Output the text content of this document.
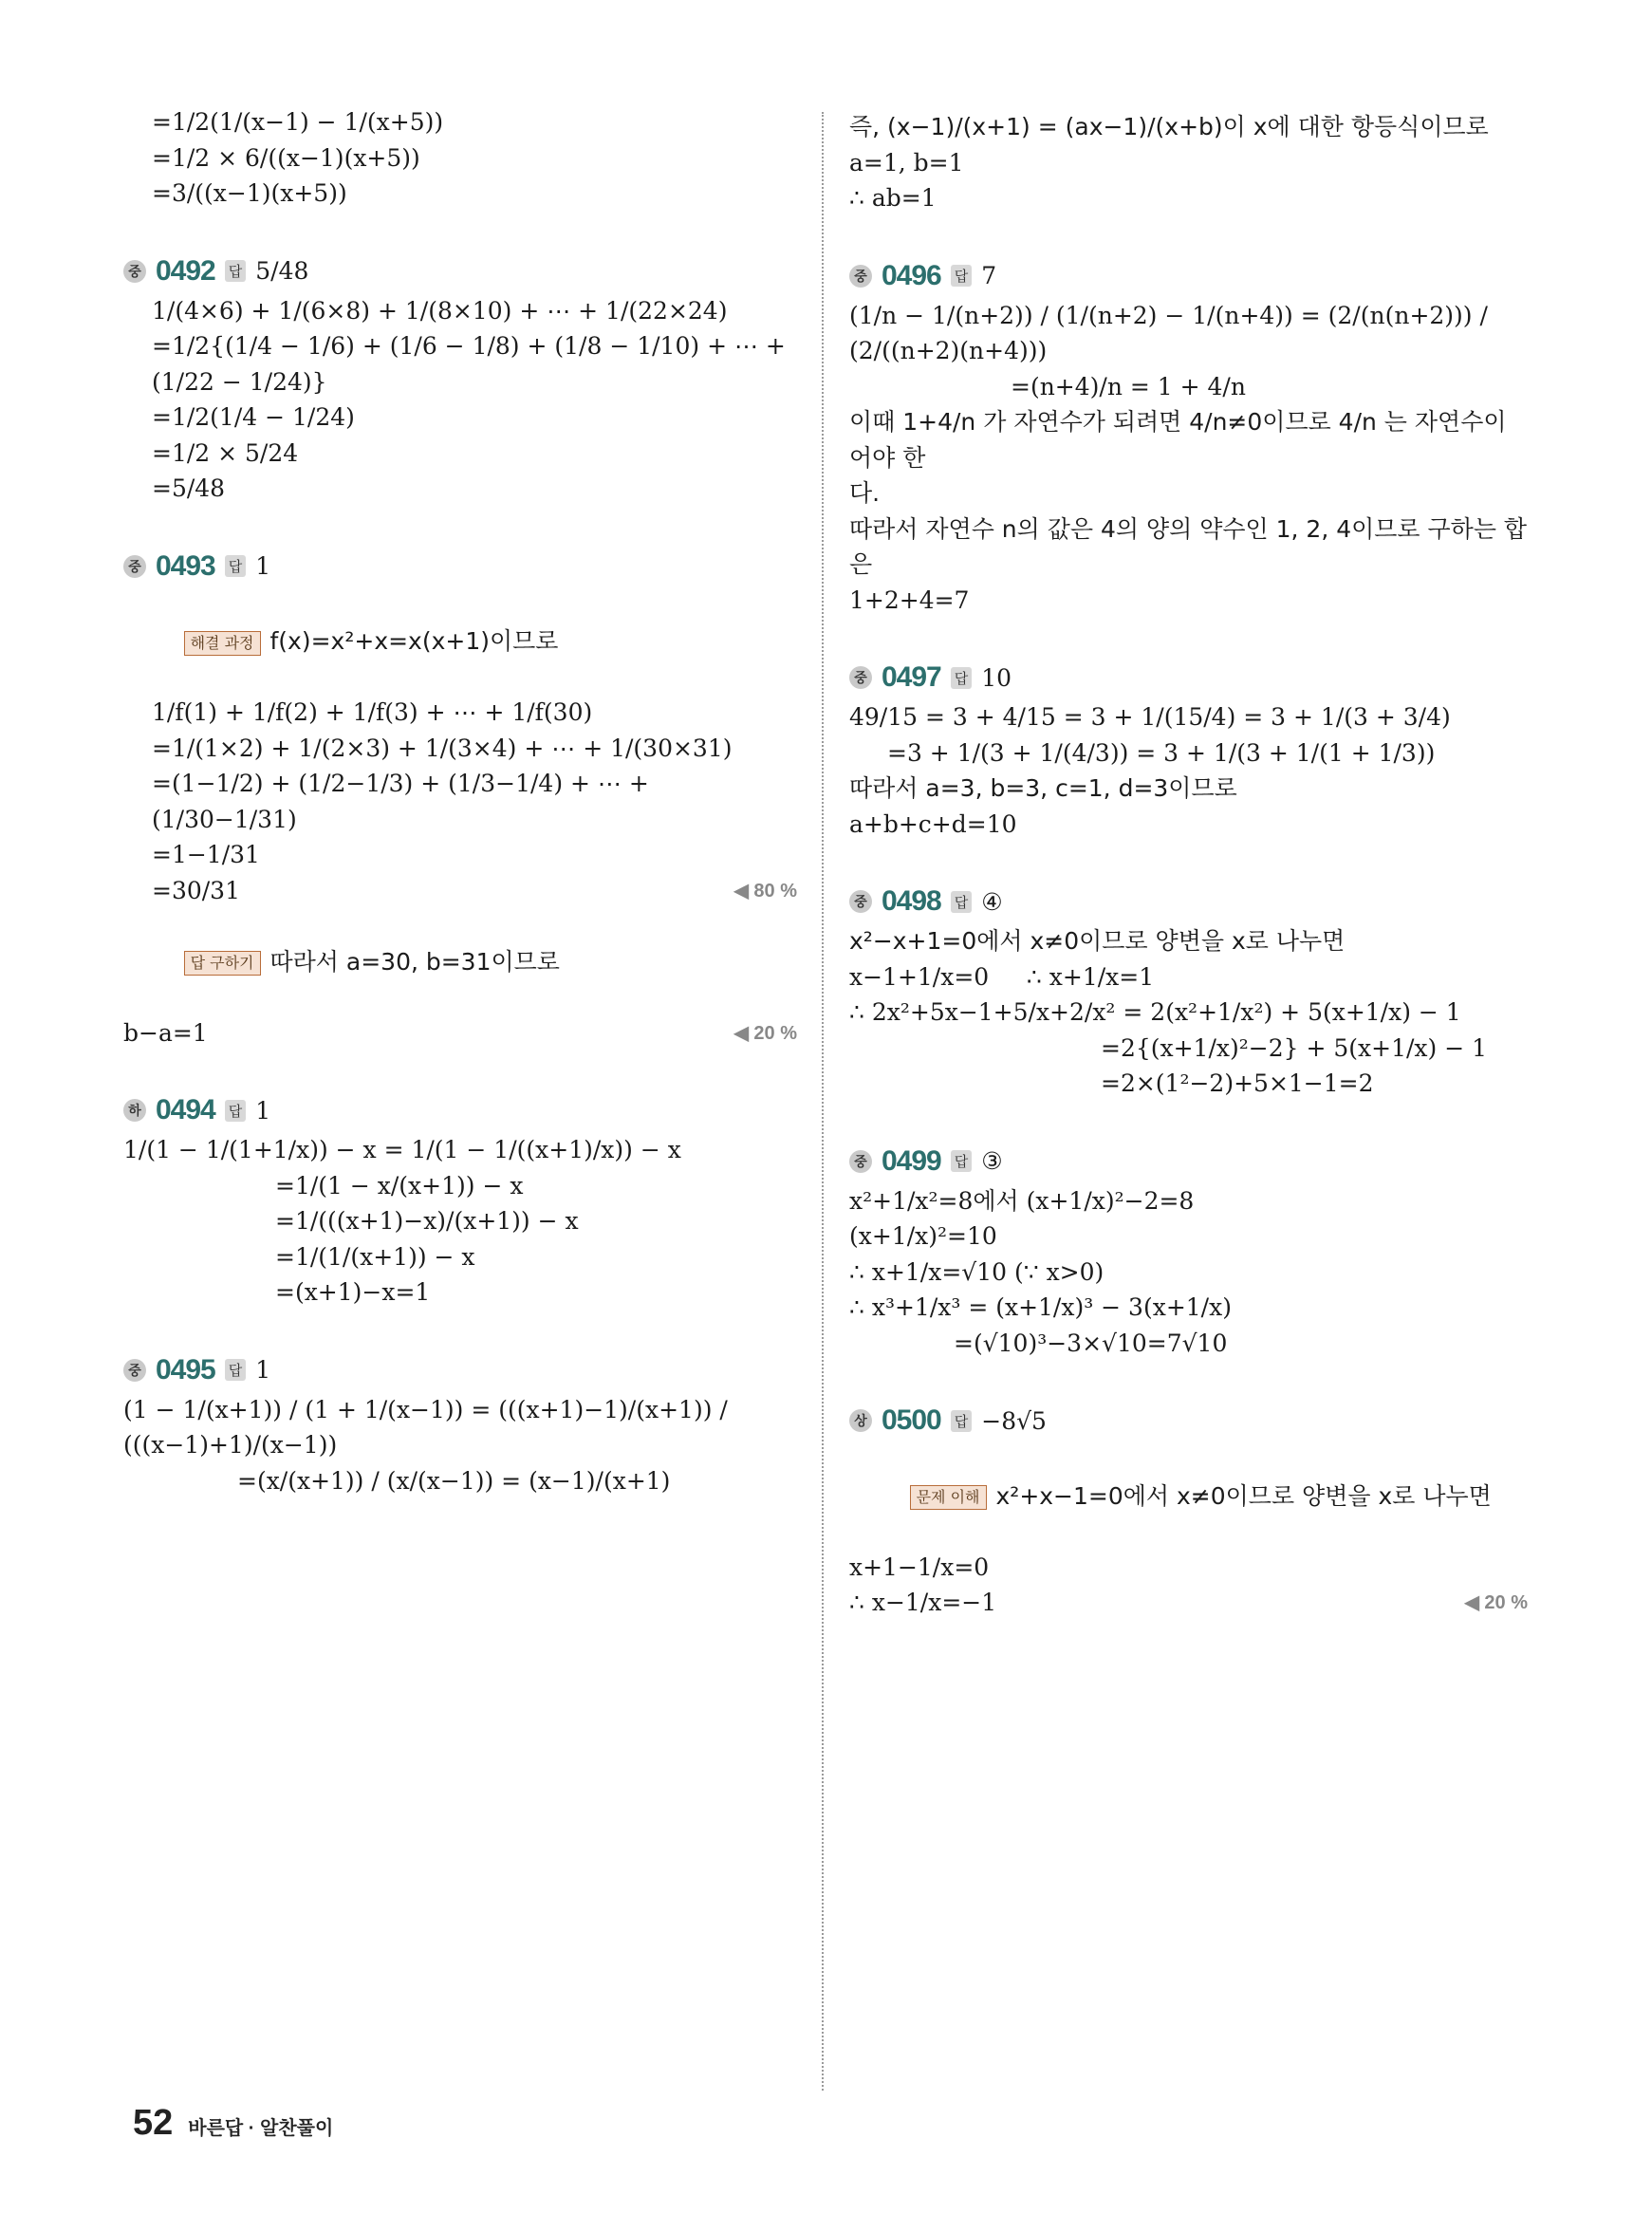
=1/2(1/(x−1) − 1/(x+5))
=1/2 × 6/((x−1)(x+5))
=3/((x−1)(x+5))
중 0492 답 5/48
1/(4×6) + 1/(6×8) + 1/(8×10) + ⋯ + 1/(22×24)
=1/2{(1/4 − 1/6) + (1/6 − 1/8) + (1/8 − 1/10) + ⋯ + (1/22 − 1/24)}
=1/2(1/4 − 1/24)
=1/2 × 5/24
=5/48
중 0493 답 1

해결 과정 f(x)=x²+x=x(x+1)이므로

1/f(1) + 1/f(2) + 1/f(3) + ⋯ + 1/f(30)
=1/(1×2) + 1/(2×3) + 1/(3×4) + ⋯ + 1/(30×31)
=(1−1/2) + (1/2−1/3) + (1/3−1/4) + ⋯ + (1/30−1/31)
=1−1/31
=30/31	◀ 80 %

답 구하기 따라서 a=30, b=31이므로

b−a=1	◀ 20 %
하 0494 답 1
1/(1 − 1/(1+1/x)) − x = 1/(1 − 1/((x+1)/x)) − x
=1/(1 − x/(x+1)) − x
=1/(((x+1)−x)/(x+1)) − x
=1/(1/(x+1)) − x
=(x+1)−x=1
중 0495 답 1
(1 − 1/(x+1)) / (1 + 1/(x−1)) = (((x+1)−1)/(x+1)) / (((x−1)+1)/(x−1))
=(x/(x+1)) / (x/(x−1)) = (x−1)/(x+1)
즉, (x−1)/(x+1) = (ax−1)/(x+b)이 x에 대한 항등식이므로
a=1, b=1
∴ ab=1
중 0496 답 7
(1/n − 1/(n+2)) / (1/(n+2) − 1/(n+4)) = (2/(n(n+2))) / (2/((n+2)(n+4)))
=(n+4)/n = 1 + 4/n
이때 1+4/n 가 자연수가 되려면 4/n≠0이므로 4/n 는 자연수이어야 한
다.
따라서 자연수 n의 값은 4의 양의 약수인 1, 2, 4이므로 구하는 합은
1+2+4=7
중 0497 답 10
49/15 = 3 + 4/15 = 3 + 1/(15/4) = 3 + 1/(3 + 3/4)
=3 + 1/(3 + 1/(4/3)) = 3 + 1/(3 + 1/(1 + 1/3))
따라서 a=3, b=3, c=1, d=3이므로
a+b+c+d=10
중 0498 답 ④
x²−x+1=0에서 x≠0이므로 양변을 x로 나누면
x−1+1/x=0     ∴ x+1/x=1
∴ 2x²+5x−1+5/x+2/x² = 2(x²+1/x²) + 5(x+1/x) − 1
=2{(x+1/x)²−2} + 5(x+1/x) − 1
=2×(1²−2)+5×1−1=2
중 0499 답 ③
x²+1/x²=8에서 (x+1/x)²−2=8
(x+1/x)²=10
∴ x+1/x=√10 (∵ x>0)
∴ x³+1/x³ = (x+1/x)³ − 3(x+1/x)
=(√10)³−3×√10=7√10
상 0500 답 −8√5

문제 이해 x²+x−1=0에서 x≠0이므로 양변을 x로 나누면

x+1−1/x=0
∴ x−1/x=−1	◀ 20 %
52 바른답 · 알찬풀이
